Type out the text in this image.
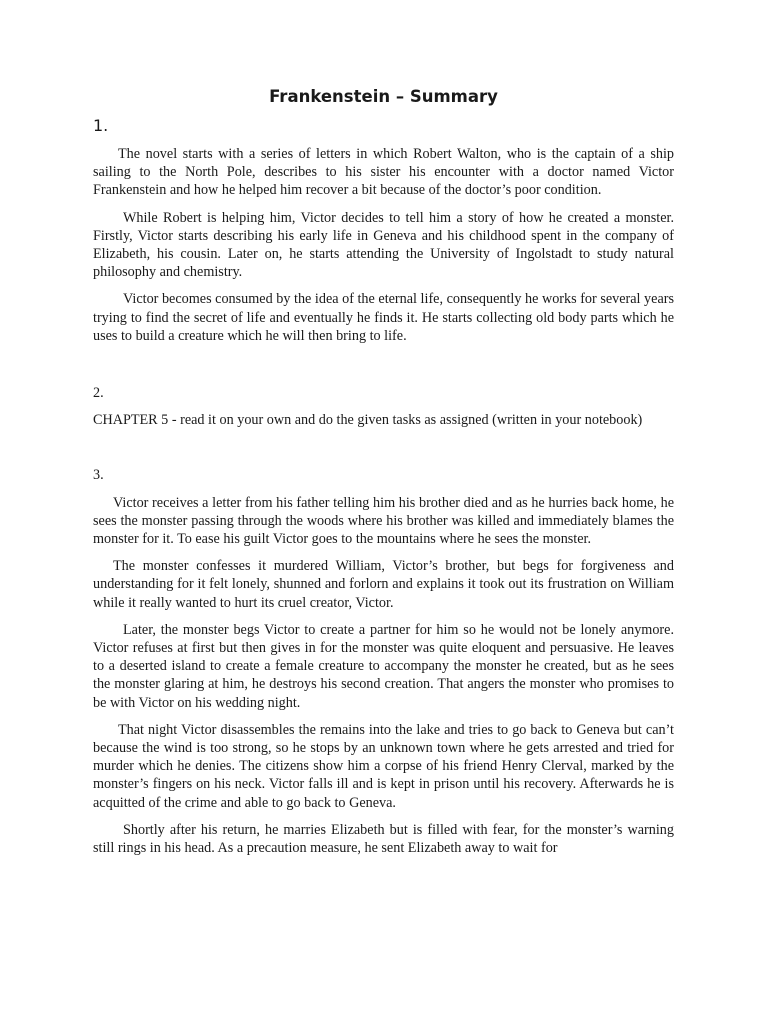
Frankenstein – Summary
1.

The novel starts with a series of letters in which Robert Walton, who is the captain of a ship sailing to the North Pole, describes to his sister his encounter with a doctor named Victor Frankenstein and how he helped him recover a bit because of the doctor’s poor condition.

While Robert is helping him, Victor decides to tell him a story of how he created a monster. Firstly, Victor starts describing his early life in Geneva and his childhood spent in the company of Elizabeth, his cousin. Later on, he starts attending the University of Ingolstadt to study natural philosophy and chemistry.

Victor becomes consumed by the idea of the eternal life, consequently he works for several years trying to find the secret of life and eventually he finds it. He starts collecting old body parts which he uses to build a creature which he will then bring to life.

2.

CHAPTER 5 - read it on your own and do the given tasks as assigned (written in your notebook)

3.

Victor receives a letter from his father telling him his brother died and as he hurries back home, he sees the monster passing through the woods where his brother was killed and immediately blames the monster for it. To ease his guilt Victor goes to the mountains where he sees the monster.

The monster confesses it murdered William, Victor’s brother, but begs for forgiveness and understanding for it felt lonely, shunned and forlorn and explains it took out its frustration on William while it really wanted to hurt its cruel creator, Victor.

Later, the monster begs Victor to create a partner for him so he would not be lonely anymore. Victor refuses at first but then gives in for the monster was quite eloquent and persuasive. He leaves to a deserted island to create a female creature to accompany the monster he created, but as he sees the monster glaring at him, he destroys his second creation. That angers the monster who promises to be with Victor on his wedding night.

That night Victor disassembles the remains into the lake and tries to go back to Geneva but can’t because the wind is too strong, so he stops by an unknown town where he gets arrested and tried for murder which he denies. The citizens show him a corpse of his friend Henry Clerval, marked by the monster’s fingers on his neck. Victor falls ill and is kept in prison until his recovery. Afterwards he is acquitted of the crime and able to go back to Geneva.

Shortly after his return, he marries Elizabeth but is filled with fear, for the monster’s warning still rings in his head. As a precaution measure, he sent Elizabeth away to wait for
